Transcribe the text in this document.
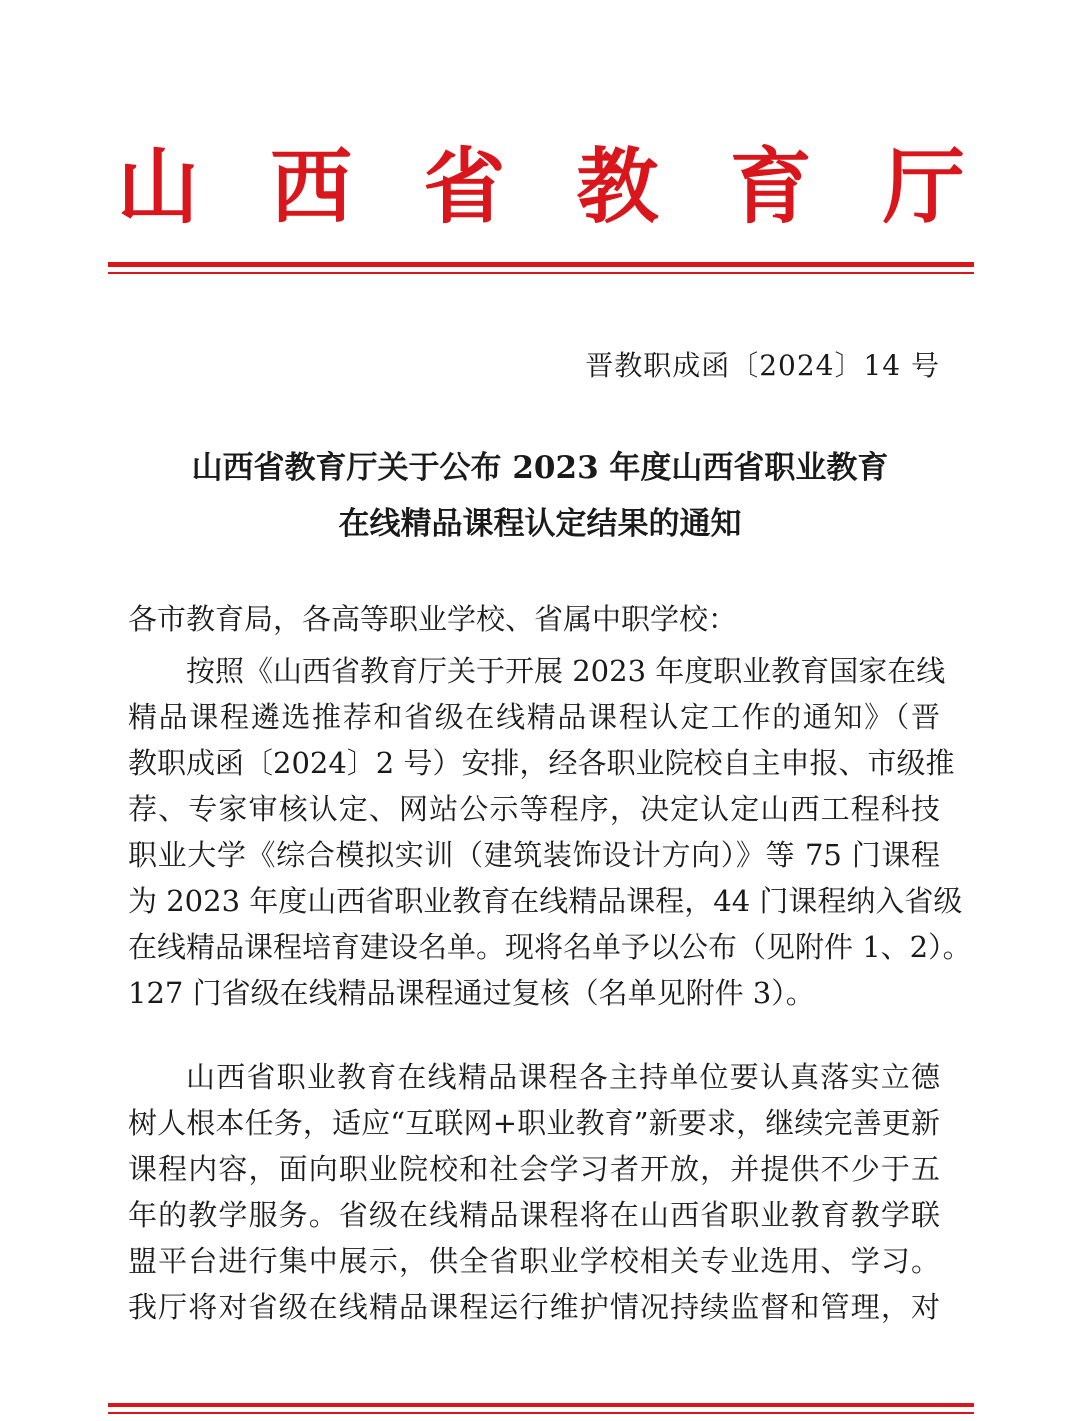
山 西 省 教 育 厅
晋教职成函〔2024〕14 号
山西省教育厅关于公布 2023 年度山西省职业教育
在线精品课程认定结果的通知
各市教育局，各高等职业学校、省属中职学校：
按照《山西省教育厅关于开展 2023 年度职业教育国家在线
精品课程遴选推荐和省级在线精品课程认定工作的通知》（晋
教职成函〔2024〕2 号）安排，经各职业院校自主申报、市级推
荐、专家审核认定、网站公示等程序，决定认定山西工程科技
职业大学《综合模拟实训（建筑装饰设计方向）》等 75 门课程
为 2023 年度山西省职业教育在线精品课程，44 门课程纳入省级
在线精品课程培育建设名单。现将名单予以公布（见附件 1、2）。
127 门省级在线精品课程通过复核（名单见附件 3）。
山西省职业教育在线精品课程各主持单位要认真落实立德
树人根本任务，适应“互联网+职业教育”新要求，继续完善更新
课程内容，面向职业院校和社会学习者开放，并提供不少于五
年的教学服务。省级在线精品课程将在山西省职业教育教学联
盟平台进行集中展示，供全省职业学校相关专业选用、学习。
我厅将对省级在线精品课程运行维护情况持续监督和管理，对
